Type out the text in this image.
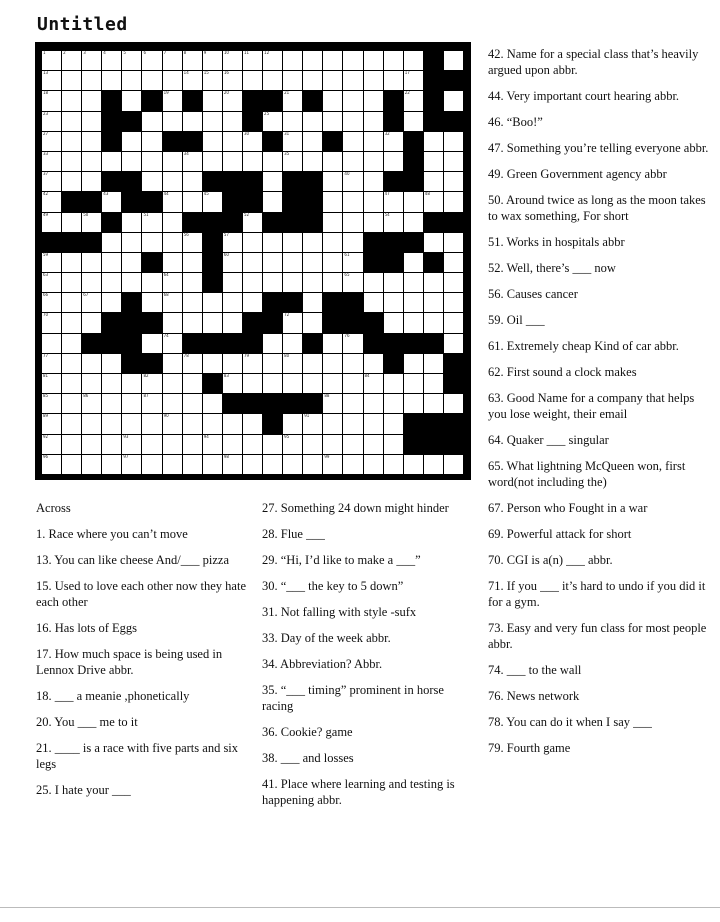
Untitled
1	2	3	4	5	6	7	8	9	10	11	12
13	14	15	16	17
18	19	20	21	22
23	25
27	30	31	32
33	34	35
37	40
42	43	44	45	47	48
49	50	51	52	54
56	57
59	60	61
63	64	65
66	67	68
70	72
74	76
77	78	79	80
81	82	83	84
85	86	87	88
89	90	91
92	93	94	95
96	97	98	99
Across
1. Race where you can’t move
13. You can like cheese And/___ pizza
15. Used to love each other now they hate each other
16. Has lots of Eggs
17. How much space is being used in Lennox Drive abbr.
18. ___ a meanie ,phonetically
20. You ___ me to it
21. ____ is a race with five parts and six legs
25. I hate your ___
27. Something 24 down might hinder
28. Flue ___
29. “Hi, I’d like to make a ___”
30. “___ the key to 5 down”
31. Not falling with style -sufx
33. Day of the week abbr.
34. Abbreviation? Abbr.
35. “___ timing” prominent in horse racing
36. Cookie? game
38. ___ and losses
41. Place where learning and testing is happening abbr.
42. Name for a special class that’s heavily argued upon abbr.
44. Very important court hearing abbr.
46. “Boo!”
47. Something you’re telling everyone abbr.
49. Green Government agency abbr
50. Around twice as long as the moon takes to wax something, For short
51. Works in hospitals abbr
52. Well, there’s ___ now
56. Causes cancer
59. Oil ___
61. Extremely cheap Kind of car abbr.
62. First sound a clock makes
63. Good Name for a company that helps you lose weight, their email
64. Quaker ___ singular
65. What lightning McQueen won, first word(not including the)
67. Person who Fought in a war
69. Powerful attack for short
70. CGI is a(n) ___ abbr.
71. If you ___ it’s hard to undo if you did it for a gym.
73. Easy and very fun class for most people abbr.
74. ___ to the wall
76. News network
78. You can do it when I say ___
79. Fourth game
